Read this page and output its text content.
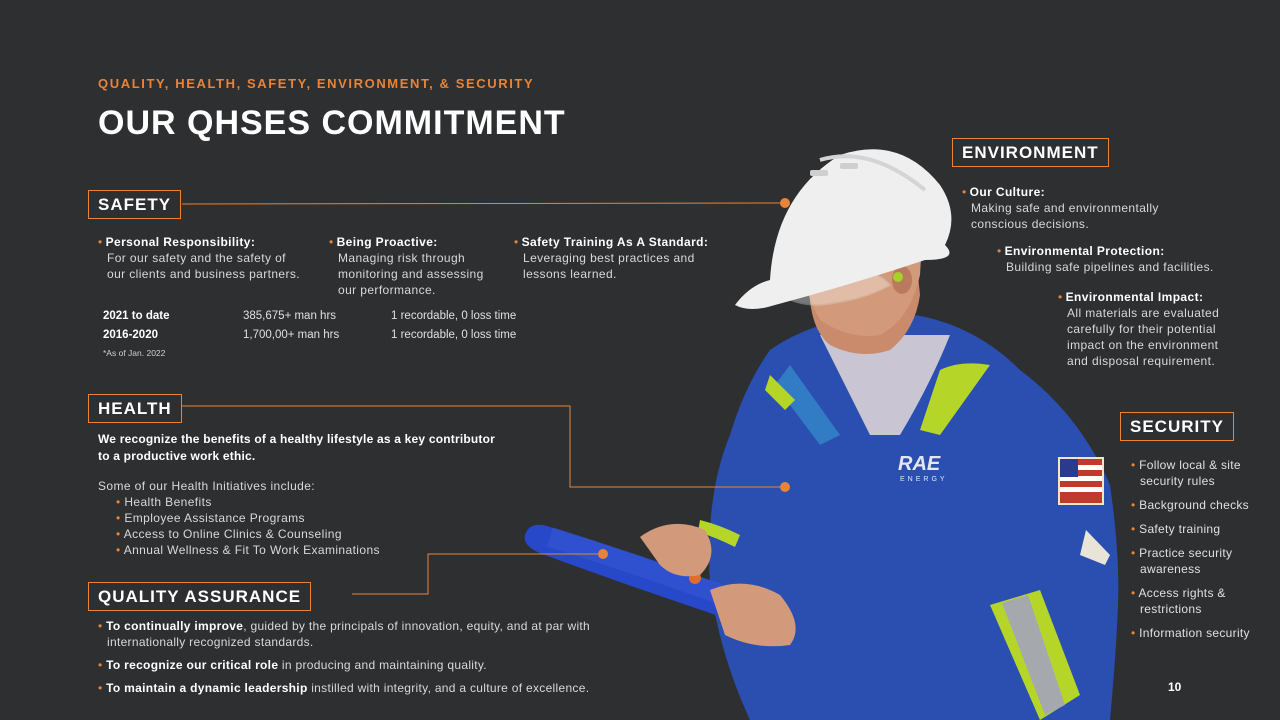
QUALITY, HEALTH, SAFETY, ENVIRONMENT, & SECURITY
OUR QHSES COMMITMENT
RAE
ENERGY
SAFETY
• Personal Responsibility:
For our safety and the safety of
our clients and business partners.
• Being Proactive:
Managing risk through
monitoring and assessing
our performance.
• Safety Training As A Standard:
Leveraging best practices and
lessons learned.
2021 to date	385,675+ man hrs	1 recordable, 0 loss time
2016-2020	1,700,00+ man hrs	1 recordable, 0 loss time
*As of Jan. 2022
HEALTH
We recognize the benefits of a healthy lifestyle as a key contributor
to a productive work ethic.
Some of our Health Initiatives include:
• Health Benefits
• Employee Assistance Programs
• Access to Online Clinics & Counseling
• Annual Wellness & Fit To Work Examinations
QUALITY ASSURANCE
• To continually improve, guided by the principals of innovation, equity, and at par with
internationally recognized standards.
• To recognize our critical role in producing and maintaining quality.
• To maintain a dynamic leadership instilled with integrity, and a culture of excellence.
ENVIRONMENT
• Our Culture:
Making safe and environmentally
conscious decisions.
• Environmental Protection:
Building safe pipelines and facilities.
• Environmental Impact:
All materials are evaluated
carefully for their potential
impact on the environment
and disposal requirement.
SECURITY
• Follow local & site
security rules
• Background checks
• Safety training
• Practice security
awareness
• Access rights &
restrictions
• Information security
10
